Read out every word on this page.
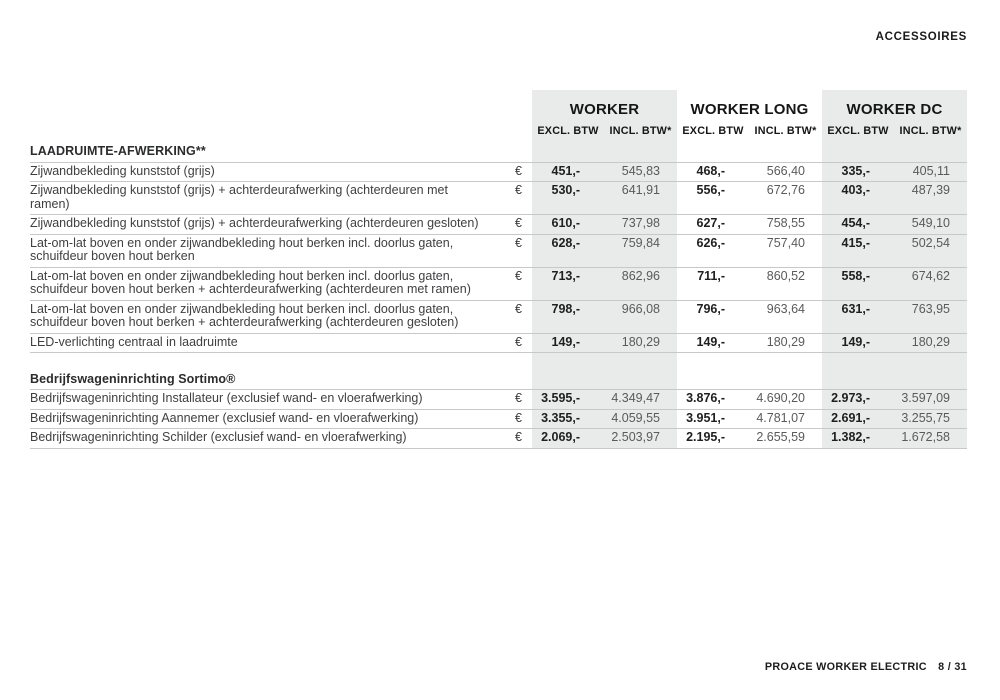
ACCESSOIRES
		WORKER		WORKER LONG		WORKER DC	
		EXCL. BTW	INCL. BTW*	EXCL. BTW	INCL. BTW*	EXCL. BTW	INCL. BTW*
LAADRUIMTE-AFWERKING**							
Zijwandbekleding kunststof (grijs)	€	451,-	545,83	468,-	566,40	335,-	405,11
Zijwandbekleding kunststof (grijs) + achterdeurafwerking (achterdeuren met ramen)	€	530,-	641,91	556,-	672,76	403,-	487,39
Zijwandbekleding kunststof (grijs) + achterdeurafwerking (achterdeuren gesloten)	€	610,-	737,98	627,-	758,55	454,-	549,10
Lat-om-lat boven en onder zijwandbekleding hout berken incl. doorlus gaten, schuifdeur boven hout berken	€	628,-	759,84	626,-	757,40	415,-	502,54
Lat-om-lat boven en onder zijwandbekleding hout berken incl. doorlus gaten, schuifdeur boven hout berken + achterdeurafwerking (achterdeuren met ramen)	€	713,-	862,96	711,-	860,52	558,-	674,62
Lat-om-lat boven en onder zijwandbekleding hout berken incl. doorlus gaten, schuifdeur boven hout berken + achterdeurafwerking (achterdeuren gesloten)	€	798,-	966,08	796,-	963,64	631,-	763,95
LED-verlichting centraal in laadruimte	€	149,-	180,29	149,-	180,29	149,-	180,29

Bedrijfswageninrichting Sortimo®							
Bedrijfswageninrichting Installateur (exclusief wand- en vloerafwerking)	€	3.595,-	4.349,47	3.876,-	4.690,20	2.973,-	3.597,09
Bedrijfswageninrichting Aannemer (exclusief wand- en vloerafwerking)	€	3.355,-	4.059,55	3.951,-	4.781,07	2.691,-	3.255,75
Bedrijfswageninrichting Schilder (exclusief wand- en vloerafwerking)	€	2.069,-	2.503,97	2.195,-	2.655,59	1.382,-	1.672,58
PROACE WORKER ELECTRIC 8 / 31
